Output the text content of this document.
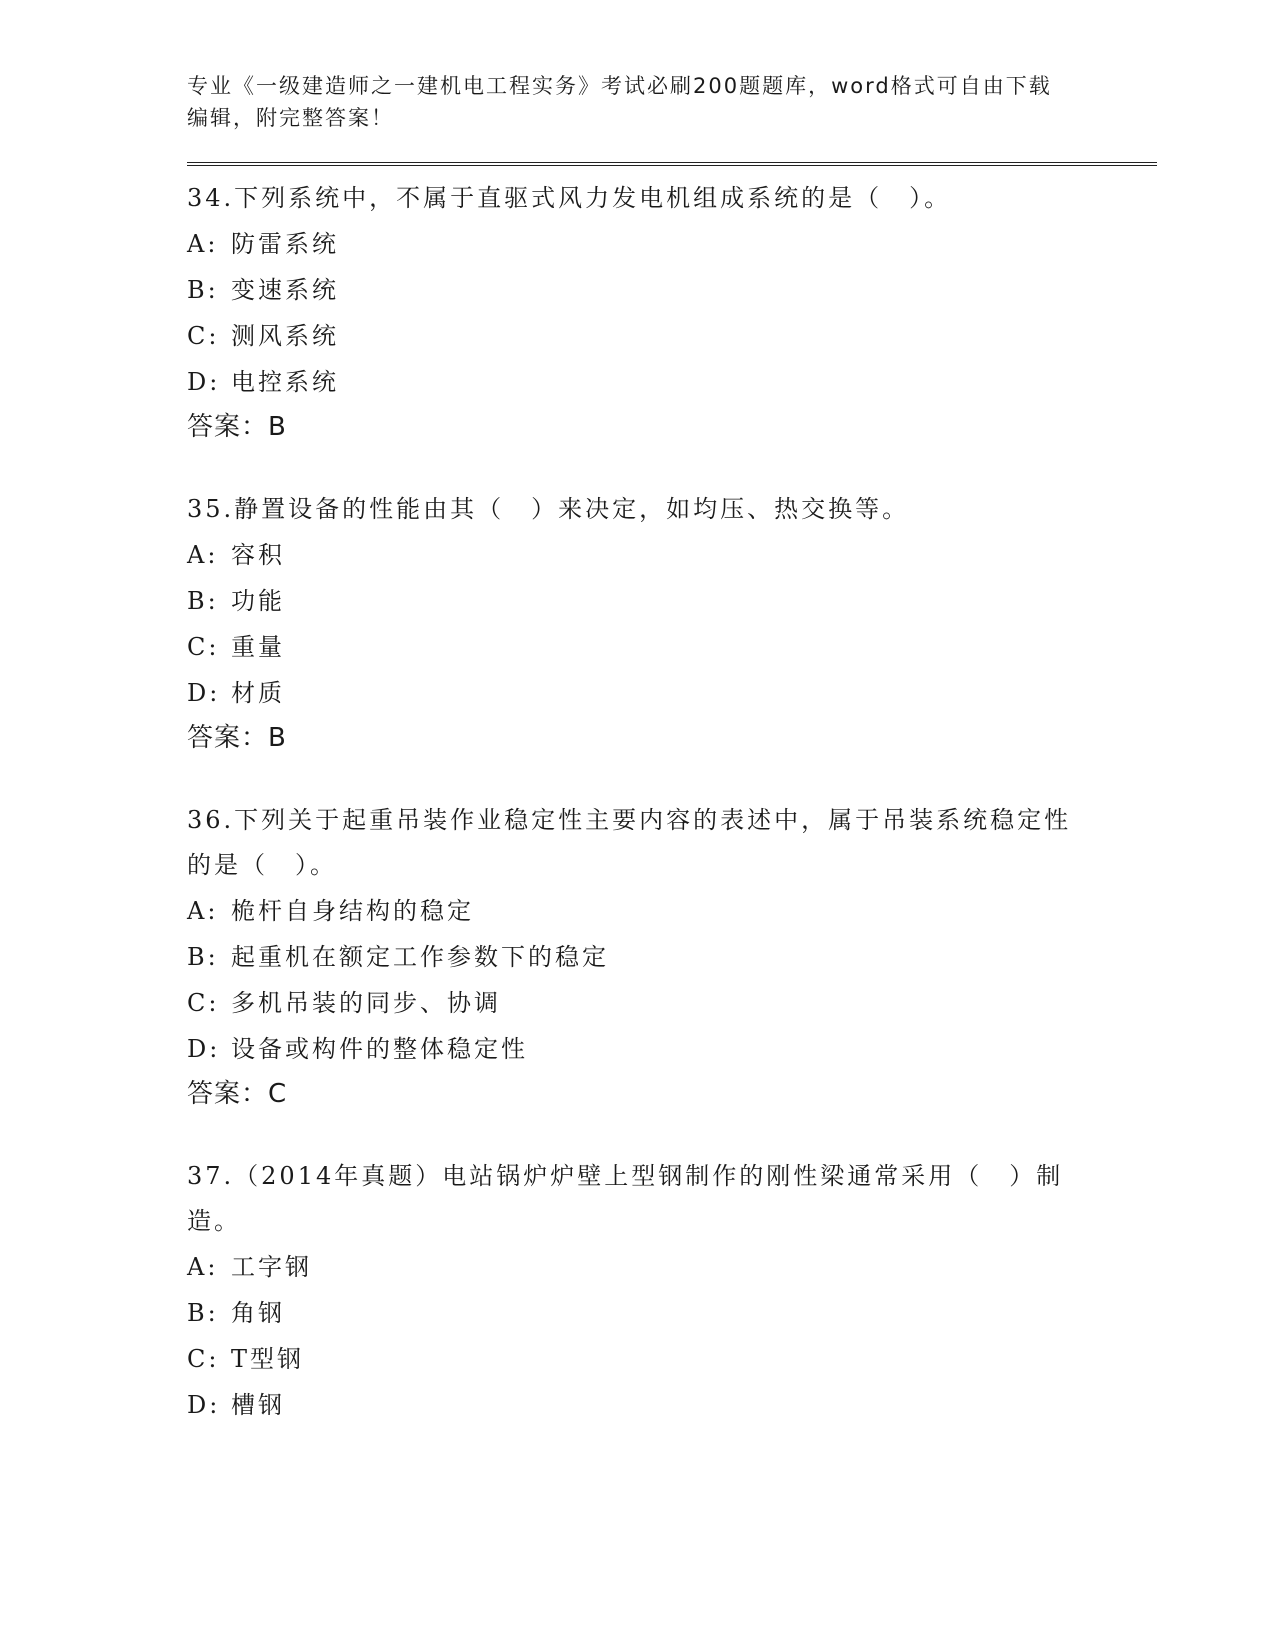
专业《一级建造师之一建机电工程实务》考试必刷200题题库，word格式可自由下载编辑，附完整答案！

34.下列系统中，不属于直驱式风力发电机组成系统的是（　）。

A: 防雷系统
B: 变速系统
C: 测风系统
D: 电控系统
答案：B

35.静置设备的性能由其（　）来决定，如均压、热交换等。

A: 容积
B: 功能
C: 重量
D: 材质
答案：B

36.下列关于起重吊装作业稳定性主要内容的表述中，属于吊装系统稳定性的是（　）。

A: 桅杆自身结构的稳定
B: 起重机在额定工作参数下的稳定
C: 多机吊装的同步、协调
D: 设备或构件的整体稳定性
答案：C

37.（2014年真题）电站锅炉炉壁上型钢制作的刚性梁通常采用（　）制造。

A: 工字钢
B: 角钢
C: T型钢
D: 槽钢
